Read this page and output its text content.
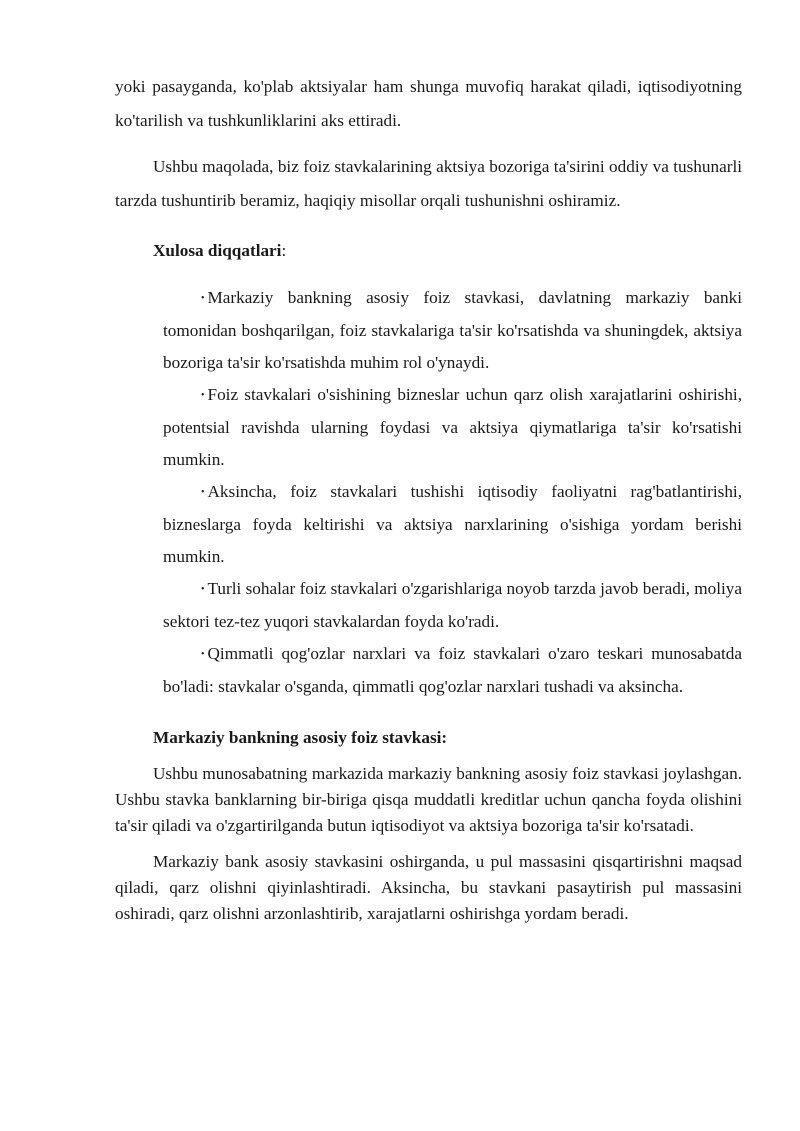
yoki pasayganda, ko'plab aktsiyalar ham shunga muvofiq harakat qiladi, iqtisodiyotning ko'tarilish va tushkunliklarini aks ettiradi.

Ushbu maqolada, biz foiz stavkalarining aktsiya bozoriga ta'sirini oddiy va tushunarli tarzda tushuntirib beramiz, haqiqiy misollar orqali tushunishni oshiramiz.

Xulosa diqqatlari:

• Markaziy bankning asosiy foiz stavkasi, davlatning markaziy banki tomonidan boshqarilgan, foiz stavkalariga ta'sir ko'rsatishda va shuningdek, aktsiya bozoriga ta'sir ko'rsatishda muhim rol o'ynaydi.
• Foiz stavkalari o'sishining bizneslar uchun qarz olish xarajatlarini oshirishi, potentsial ravishda ularning foydasi va aktsiya qiymatlariga ta'sir ko'rsatishi mumkin.
• Aksincha, foiz stavkalari tushishi iqtisodiy faoliyatni rag'batlantirishi, bizneslarga foyda keltirishi va aktsiya narxlarining o'sishiga yordam berishi mumkin.
• Turli sohalar foiz stavkalari o'zgarishlariga noyob tarzda javob beradi, moliya sektori tez-tez yuqori stavkalardan foyda ko'radi.
• Qimmatli qog'ozlar narxlari va foiz stavkalari o'zaro teskari munosabatda bo'ladi: stavkalar o'sganda, qimmatli qog'ozlar narxlari tushadi va aksincha.

Markaziy bankning asosiy foiz stavkasi:

Ushbu munosabatning markazida markaziy bankning asosiy foiz stavkasi joylashgan. Ushbu stavka banklarning bir-biriga qisqa muddatli kreditlar uchun qancha foyda olishini ta'sir qiladi va o'zgartirilganda butun iqtisodiyot va aktsiya bozoriga ta'sir ko'rsatadi.

Markaziy bank asosiy stavkasini oshirganda, u pul massasini qisqartirishni maqsad qiladi, qarz olishni qiyinlashtiradi. Aksincha, bu stavkani pasaytirish pul massasini oshiradi, qarz olishni arzonlashtirib, xarajatlarni oshirishga yordam beradi.
